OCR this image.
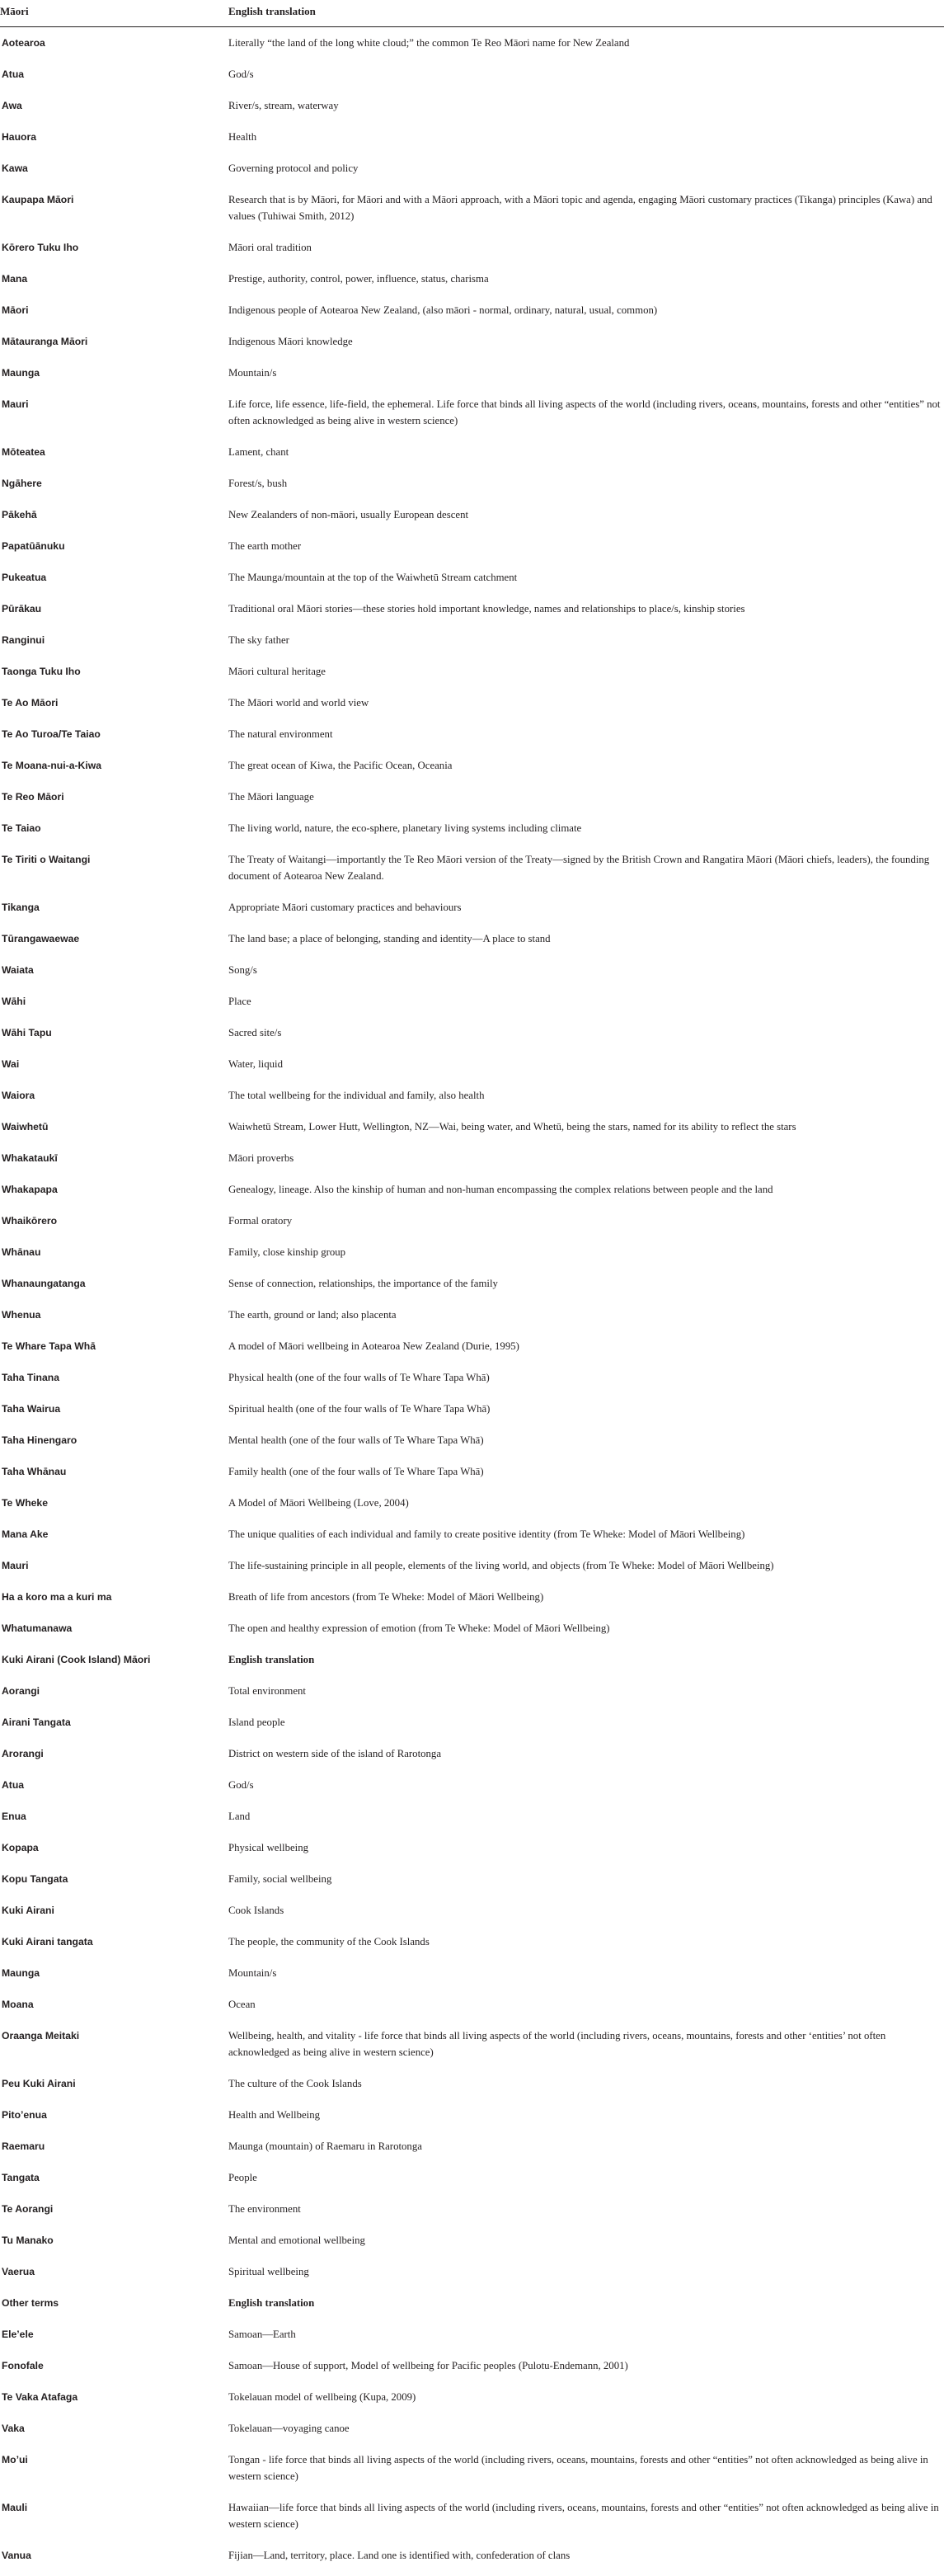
Māori	English translation
Aotearoa	Literally “the land of the long white cloud;” the common Te Reo Māori name for New Zealand
Atua	God/s
Awa	River/s, stream, waterway
Hauora	Health
Kawa	Governing protocol and policy
Kaupapa Māori	Research that is by Māori, for Māori and with a Māori approach, with a Māori topic and agenda, engaging Māori customary practices (Tikanga) principles (Kawa) and values (Tuhiwai Smith, 2012)
Kōrero Tuku Iho	Māori oral tradition
Mana	Prestige, authority, control, power, influence, status, charisma
Māori	Indigenous people of Aotearoa New Zealand, (also māori - normal, ordinary, natural, usual, common)
Mātauranga Māori	Indigenous Māori knowledge
Maunga	Mountain/s
Mauri	Life force, life essence, life-field, the ephemeral. Life force that binds all living aspects of the world (including rivers, oceans, mountains, forests and other “entities” not often acknowledged as being alive in western science)
Mōteatea	Lament, chant
Ngāhere	Forest/s, bush
Pākehā	New Zealanders of non-māori, usually European descent
Papatūānuku	The earth mother
Pukeatua	The Maunga/mountain at the top of the Waiwhetū Stream catchment
Pūrākau	Traditional oral Māori stories—these stories hold important knowledge, names and relationships to place/s, kinship stories
Ranginui	The sky father
Taonga Tuku Iho	Māori cultural heritage
Te Ao Māori	The Māori world and world view
Te Ao Turoa/Te Taiao	The natural environment
Te Moana-nui-a-Kiwa	The great ocean of Kiwa, the Pacific Ocean, Oceania
Te Reo Māori	The Māori language
Te Taiao	The living world, nature, the eco-sphere, planetary living systems including climate
Te Tiriti o Waitangi	The Treaty of Waitangi—importantly the Te Reo Māori version of the Treaty—signed by the British Crown and Rangatira Māori (Māori chiefs, leaders), the founding document of Aotearoa New Zealand.
Tikanga	Appropriate Māori customary practices and behaviours
Tūrangawaewae	The land base; a place of belonging, standing and identity—A place to stand
Waiata	Song/s
Wāhi	Place
Wāhi Tapu	Sacred site/s
Wai	Water, liquid
Waiora	The total wellbeing for the individual and family, also health
Waiwhetū	Waiwhetū Stream, Lower Hutt, Wellington, NZ—Wai, being water, and Whetū, being the stars, named for its ability to reflect the stars
Whakataukī	Māori proverbs
Whakapapa	Genealogy, lineage. Also the kinship of human and non-human encompassing the complex relations between people and the land
Whaikōrero	Formal oratory
Whānau	Family, close kinship group
Whanaungatanga	Sense of connection, relationships, the importance of the family
Whenua	The earth, ground or land; also placenta
Te Whare Tapa Whā	A model of Māori wellbeing in Aotearoa New Zealand (Durie, 1995)
Taha Tinana	Physical health (one of the four walls of Te Whare Tapa Whā)
Taha Wairua	Spiritual health (one of the four walls of Te Whare Tapa Whā)
Taha Hinengaro	Mental health (one of the four walls of Te Whare Tapa Whā)
Taha Whānau	Family health (one of the four walls of Te Whare Tapa Whā)
Te Wheke	A Model of Māori Wellbeing (Love, 2004)
Mana Ake	The unique qualities of each individual and family to create positive identity (from Te Wheke: Model of Māori Wellbeing)
Mauri	The life-sustaining principle in all people, elements of the living world, and objects (from Te Wheke: Model of Māori Wellbeing)
Ha a koro ma a kuri ma	Breath of life from ancestors (from Te Wheke: Model of Māori Wellbeing)
Whatumanawa	The open and healthy expression of emotion (from Te Wheke: Model of Māori Wellbeing)
Kuki Airani (Cook Island) Māori	English translation
Aorangi	Total environment
Airani Tangata	Island people
Arorangi	District on western side of the island of Rarotonga
Atua	God/s
Enua	Land
Kopapa	Physical wellbeing
Kopu Tangata	Family, social wellbeing
Kuki Airani	Cook Islands
Kuki Airani tangata	The people, the community of the Cook Islands
Maunga	Mountain/s
Moana	Ocean
Oraanga Meitaki	Wellbeing, health, and vitality - life force that binds all living aspects of the world (including rivers, oceans, mountains, forests and other ‘entities’ not often acknowledged as being alive in western science)
Peu Kuki Airani	The culture of the Cook Islands
Pito’enua	Health and Wellbeing
Raemaru	Maunga (mountain) of Raemaru in Rarotonga
Tangata	People
Te Aorangi	The environment
Tu Manako	Mental and emotional wellbeing
Vaerua	Spiritual wellbeing
Other terms	English translation
Ele’ele	Samoan—Earth
Fonofale	Samoan—House of support, Model of wellbeing for Pacific peoples (Pulotu-Endemann, 2001)
Te Vaka Atafaga	Tokelauan model of wellbeing (Kupa, 2009)
Vaka	Tokelauan—voyaging canoe
Mo’ui	Tongan - life force that binds all living aspects of the world (including rivers, oceans, mountains, forests and other “entities” not often acknowledged as being alive in western science)
Mauli	Hawaiian—life force that binds all living aspects of the world (including rivers, oceans, mountains, forests and other “entities” not often acknowledged as being alive in western science)
Vanua	Fijian—Land, territory, place. Land one is identified with, confederation of clans
